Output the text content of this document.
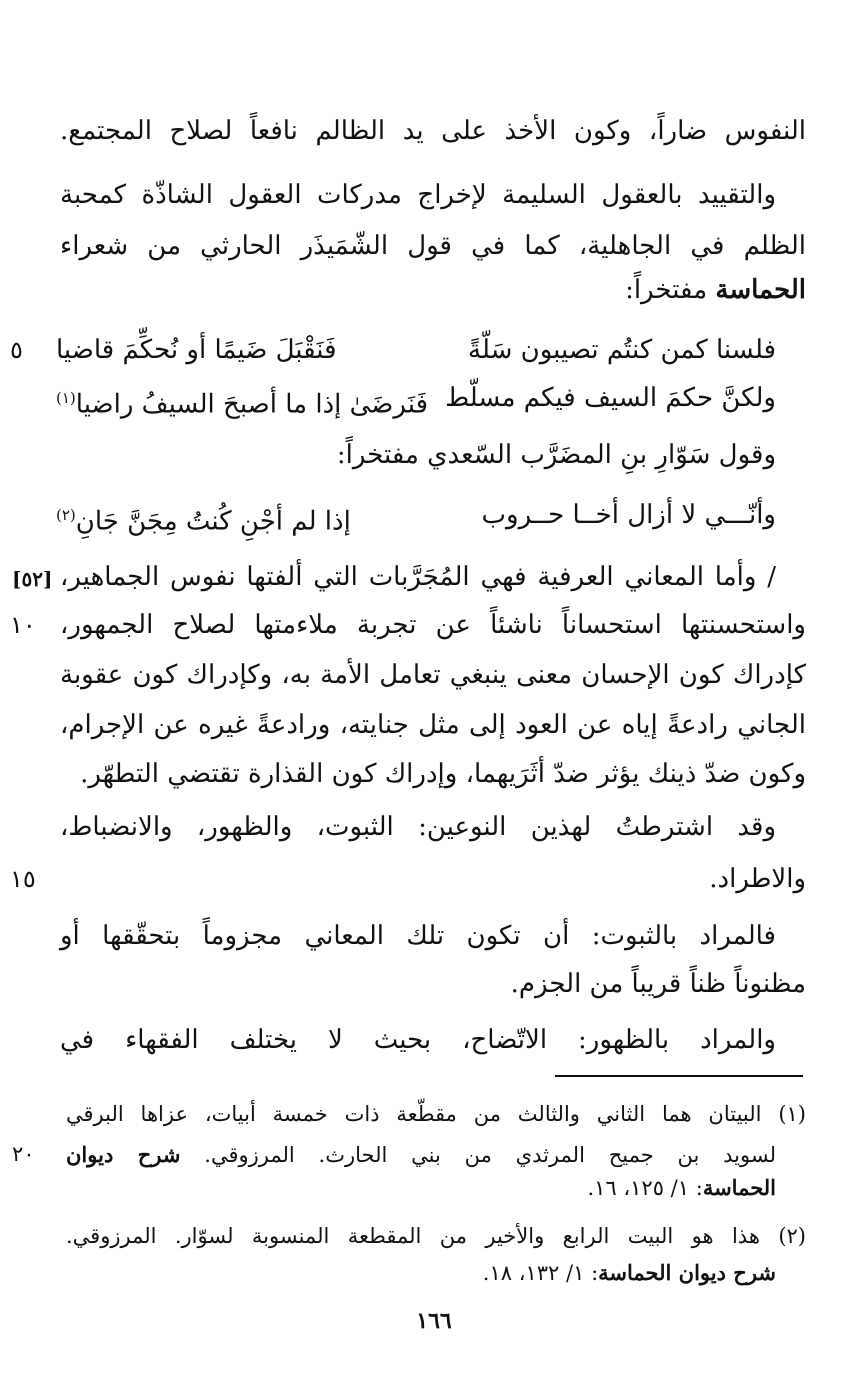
النفوس ضاراً، وكون الأخذ على يد الظالم نافعاً لصلاح المجتمع.
والتقييد بالعقول السليمة لإخراج مدركات العقول الشاذّة كمحبة
الظلم في الجاهلية، كما في قول الشّمَيذَر الحارثي من شعراء
الحماسة مفتخراً:
٥	فلسنا كمن كنتُم تصيبون سَلّةً
فَنَقْبَلَ ضَيمًا أو نُحكِّمَ قاضيا
ولكنَّ حكمَ السيف فيكم مسلّط
فَنَرضَىٰ إذا ما أصبحَ السيفُ راضيا$^{(١)}$
وقول سَوّارِ بنِ المضَرَّب السّعدي مفتخراً:
وأنّـــي لا أزال أخــا حــروب
إذا لم أجْنِ كُنتُ مِجَنَّ جَانِ$^{(٢)}$
[٥٢] / وأما المعاني العرفية فهي المُجَرَّبات التي ألفتها نفوس الجماهير،
١٠ واستحسنتها استحساناً ناشئاً عن تجربة ملاءمتها لصلاح الجمهور،
كإدراك كون الإحسان معنى ينبغي تعامل الأمة به، وكإدراك كون عقوبة
الجاني رادعةً إياه عن العود إلى مثل جنايته، ورادعةً غيره عن الإجرام،
وكون ضدّ ذينك يؤثر ضدّ أثَرَيهما، وإدراك كون القذارة تقتضي التطهّر.
وقد اشترطتُ لهذين النوعين: الثبوت، والظهور، والانضباط،
١٥	والاطراد.
فالمراد بالثبوت: أن تكون تلك المعاني مجزوماً بتحقّقها أو
مظنوناً ظناً قريباً من الجزم.
والمراد بالظهور: الاتّضاح، بحيث لا يختلف الفقهاء في
(١) البيتان هما الثاني والثالث من مقطّعة ذات خمسة أبيات، عزاها البرقي
٢٠	لسويد بن جميح المرثدي من بني الحارث. المرزوقي. شرح ديوان
الحماسة: ١/ ١٢٥، ١٦.
(٢) هذا هو البيت الرابع والأخير من المقطعة المنسوبة لسوّار. المرزوقي.
شرح ديوان الحماسة: ١/ ١٣٢، ١٨.
١٦٦
